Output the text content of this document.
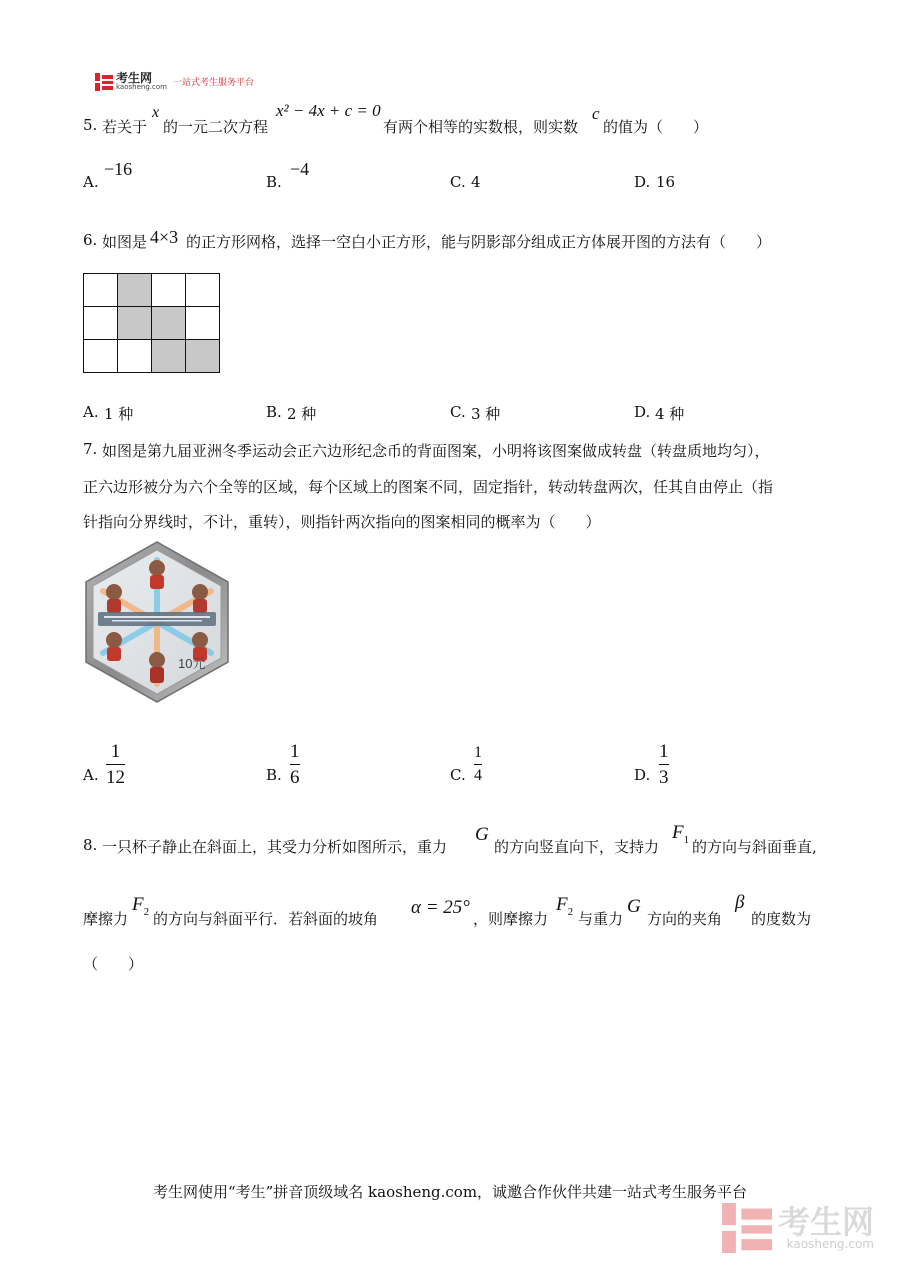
考生网
kaosheng.com 一站式考生服务平台
5. 若关于
x
的一元二次方程
x² − 4x + c = 0
有两个相等的实数根，则实数
c
的值为（　　）
A.
−16
B.
−4
C. 4	D. 16
6. 如图是 4×3 的正方形网格，选择一空白小正方形，能与阴影部分组成正方体展开图的方法有（　　）

A. 1 种	B. 2 种	C. 3 种	D. 4 种
7. 如图是第九届亚洲冬季运动会正六边形纪念币的背面图案，小明将该图案做成转盘（转盘质地均匀），
正六边形被分为六个全等的区域，每个区域上的图案不同，固定指针，转动转盘两次，任其自由停止（指
针指向分界线时，不计，重转），则指针两次指向的图案相同的概率为（　　）
10元
A.
1
12	B.
1
6	C.
1
4	D.
1
3
8. 一只杯子静止在斜面上，其受力分析如图所示，重力
G
的方向竖直向下，支持力
$F_1$ 的方向与斜面垂直,
摩擦力
$F_2$ 的方向与斜面平行．若斜面的坡角
α = 25°
，则摩擦力
$F_2$ 与重力
G
方向的夹角
β
的度数为
（　　）
考生网使用“考生”拼音顶级域名 kaosheng.com，诚邀合作伙伴共建一站式考生服务平台
考生网
kaosheng.com
